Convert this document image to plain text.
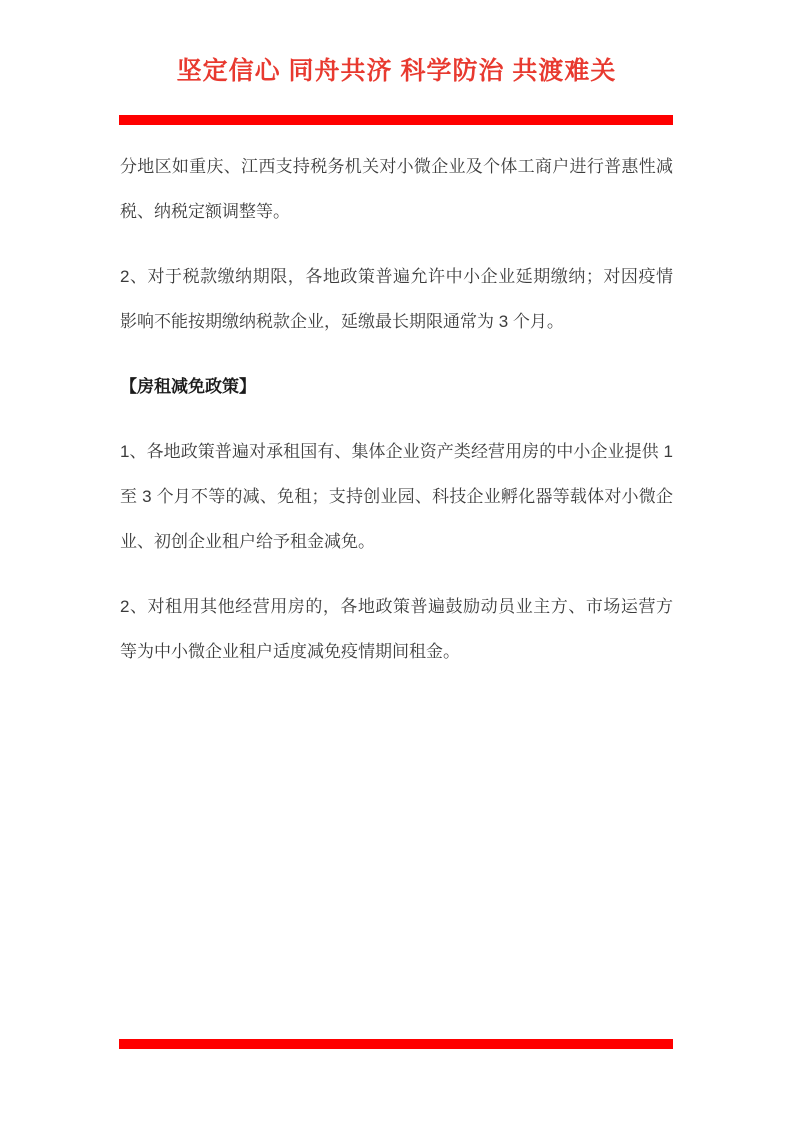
坚定信心 同舟共济 科学防治 共渡难关

分地区如重庆、江西支持税务机关对小微企业及个体工商户进行普惠性减税、纳税定额调整等。

2、对于税款缴纳期限，各地政策普遍允许中小企业延期缴纳；对因疫情影响不能按期缴纳税款企业，延缴最长期限通常为 3 个月。

【房租减免政策】

1、各地政策普遍对承租国有、集体企业资产类经营用房的中小企业提供 1 至 3 个月不等的减、免租；支持创业园、科技企业孵化器等载体对小微企业、初创企业租户给予租金减免。

2、对租用其他经营用房的，各地政策普遍鼓励动员业主方、市场运营方等为中小微企业租户适度减免疫情期间租金。
